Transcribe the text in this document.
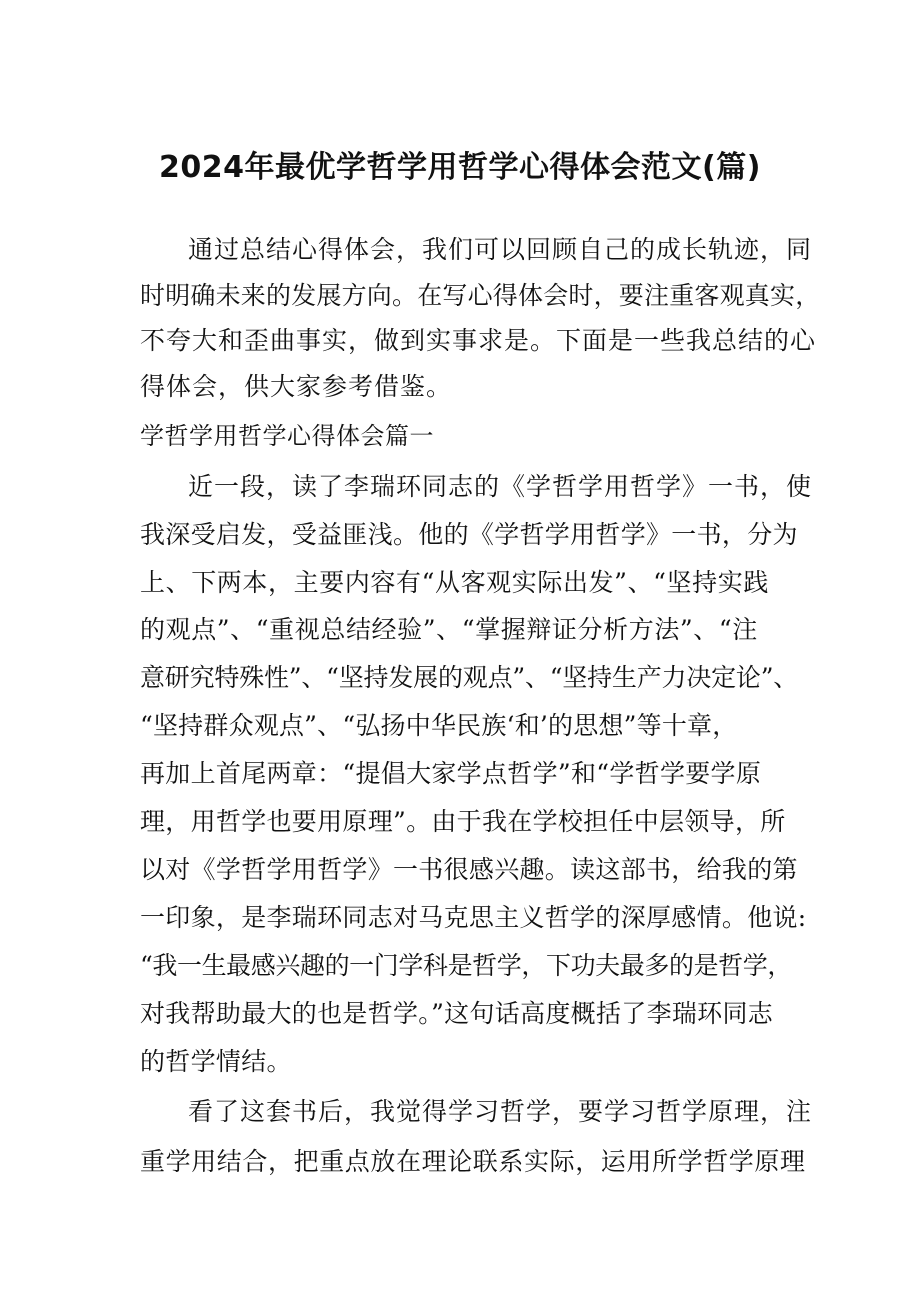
2024年最优学哲学用哲学心得体会范文(篇)
通过总结心得体会，我们可以回顾自己的成长轨迹，同
时明确未来的发展方向。在写心得体会时，要注重客观真实，
不夸大和歪曲事实，做到实事求是。下面是一些我总结的心
得体会，供大家参考借鉴。
学哲学用哲学心得体会篇一
近一段，读了李瑞环同志的《学哲学用哲学》一书，使
我深受启发，受益匪浅。他的《学哲学用哲学》一书，分为
上、下两本，主要内容有“从客观实际出发”、“坚持实践
的观点”、“重视总结经验”、“掌握辩证分析方法”、“注
意研究特殊性”、“坚持发展的观点”、“坚持生产力决定论”、
“坚持群众观点”、“弘扬中华民族‘和’的思想”等十章，
再加上首尾两章：“提倡大家学点哲学”和“学哲学要学原
理，用哲学也要用原理”。由于我在学校担任中层领导，所
以对《学哲学用哲学》一书很感兴趣。读这部书，给我的第
一印象，是李瑞环同志对马克思主义哲学的深厚感情。他说:
“我一生最感兴趣的一门学科是哲学，下功夫最多的是哲学，
对我帮助最大的也是哲学。”这句话高度概括了李瑞环同志
的哲学情结。
看了这套书后，我觉得学习哲学，要学习哲学原理，注
重学用结合，把重点放在理论联系实际，运用所学哲学原理
